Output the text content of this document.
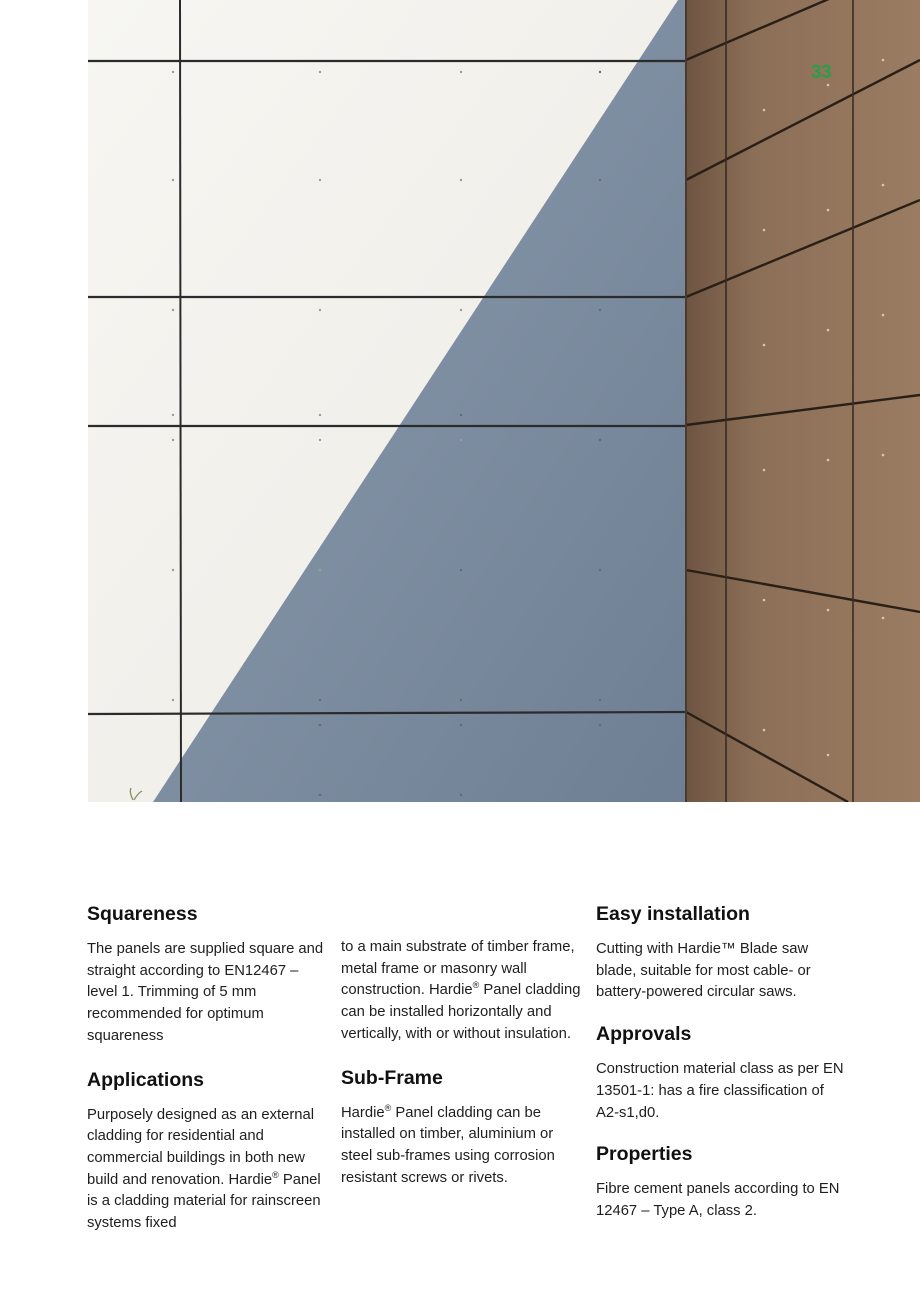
33
Squareness

The panels are supplied square and straight according to EN12467 – level 1. Trimming of 5 mm recommended for optimum squareness

Applications

Purposely designed as an external cladding for residential and commercial buildings in both new build and renovation. Hardie® Panel is a cladding material for rainscreen systems fixed

to a main substrate of timber frame, metal frame or masonry wall construction. Hardie® Panel cladding can be installed horizontally and vertically, with or without insulation.

Sub-Frame

Hardie® Panel cladding can be installed on timber, aluminium or steel sub-frames using corrosion resistant screws or rivets.

Easy installation

Cutting with Hardie™ Blade saw blade, suitable for most cable- or battery-powered circular saws.

Approvals

Construction material class as per EN 13501-1: has a fire classification of A2-s1,d0.

Properties

Fibre cement panels according to EN 12467 – Type A, class 2.
